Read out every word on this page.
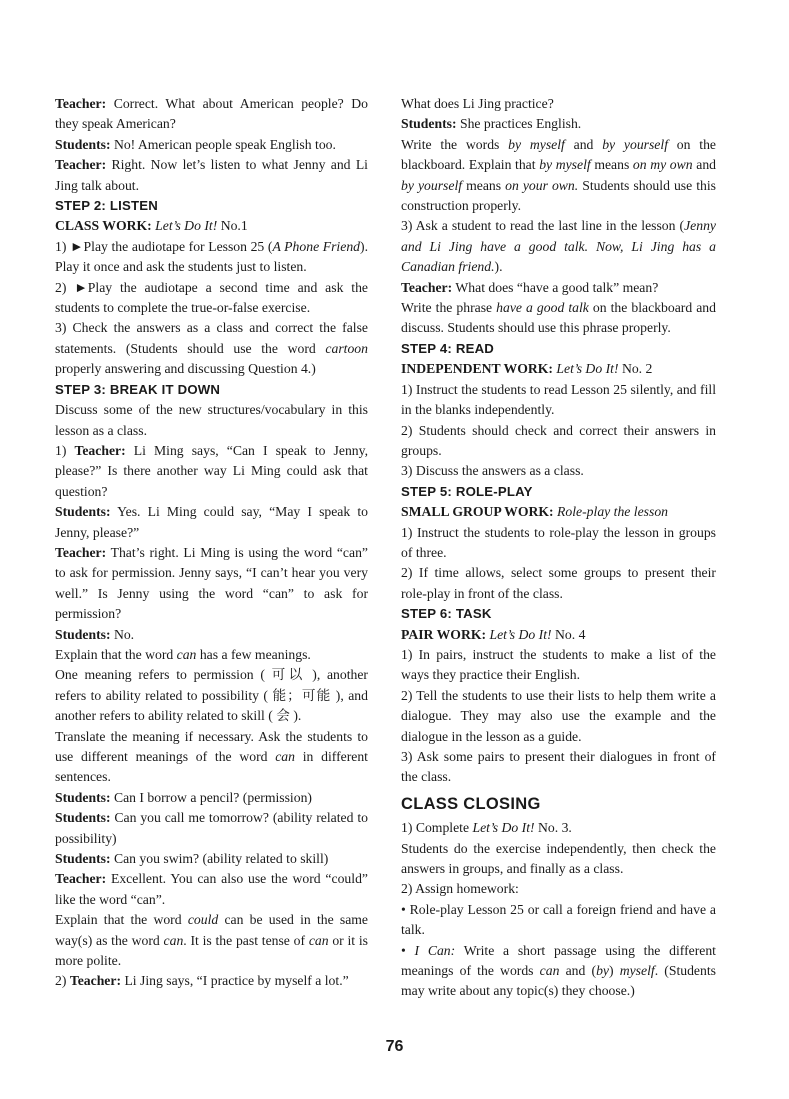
Teacher: Correct. What about American people? Do they speak American?

Students: No! American people speak English too.

Teacher: Right. Now let’s listen to what Jenny and Li Jing talk about.

STEP 2: LISTEN

CLASS WORK: Let’s Do It! No.1

1) ►Play the audiotape for Lesson 25 (A Phone Friend). Play it once and ask the students just to listen.

2) ►Play the audiotape a second time and ask the students to complete the true-or-false exercise.

3) Check the answers as a class and correct the false statements. (Students should use the word cartoon properly answering and discussing Question 4.)

STEP 3: BREAK IT DOWN

Discuss some of the new structures/vocabulary in this lesson as a class.

1) Teacher: Li Ming says, “Can I speak to Jenny, please?” Is there another way Li Ming could ask that question?

Students: Yes. Li Ming could say, “May I speak to Jenny, please?”

Teacher: That’s right. Li Ming is using the word “can” to ask for permission. Jenny says, “I can’t hear you very well.” Is Jenny using the word “can” to ask for permission?

Students: No.

Explain that the word can has a few meanings.

One meaning refers to permission ( 可以 ), another refers to ability related to possibility ( 能；可能 ), and another refers to ability related to skill ( 会 ).

Translate the meaning if necessary. Ask the students to use different meanings of the word can in different sentences.

Students: Can I borrow a pencil? (permission)

Students: Can you call me tomorrow? (ability related to possibility)

Students: Can you swim? (ability related to skill)

Teacher: Excellent. You can also use the word “could” like the word “can”.

Explain that the word could can be used in the same way(s) as the word can. It is the past tense of can or it is more polite.

2) Teacher: Li Jing says, “I practice by myself a lot.”

What does Li Jing practice?

Students: She practices English.

Write the words by myself and by yourself on the blackboard. Explain that by myself means on my own and by yourself means on your own. Students should use this construction properly.

3) Ask a student to read the last line in the lesson (Jenny and Li Jing have a good talk. Now, Li Jing has a Canadian friend.).

Teacher: What does “have a good talk” mean?

Write the phrase have a good talk on the blackboard and discuss. Students should use this phrase properly.

STEP 4: READ

INDEPENDENT WORK: Let’s Do It! No. 2

1) Instruct the students to read Lesson 25 silently, and fill in the blanks independently.

2) Students should check and correct their answers in groups.

3) Discuss the answers as a class.

STEP 5: ROLE-PLAY

SMALL GROUP WORK: Role-play the lesson

1) Instruct the students to role-play the lesson in groups of three.

2) If time allows, select some groups to present their role-play in front of the class.

STEP 6: TASK

PAIR WORK: Let’s Do It! No. 4

1) In pairs, instruct the students to make a list of the ways they practice their English.

2) Tell the students to use their lists to help them write a dialogue. They may also use the example and the dialogue in the lesson as a guide.

3) Ask some pairs to present their dialogues in front of the class.

CLASS CLOSING

1) Complete Let’s Do It! No. 3.

Students do the exercise independently, then check the answers in groups, and finally as a class.

2) Assign homework:

• Role-play Lesson 25 or call a foreign friend and have a talk.

• I Can: Write a short passage using the different meanings of the words can and (by) myself. (Students may write about any topic(s) they choose.)

76
